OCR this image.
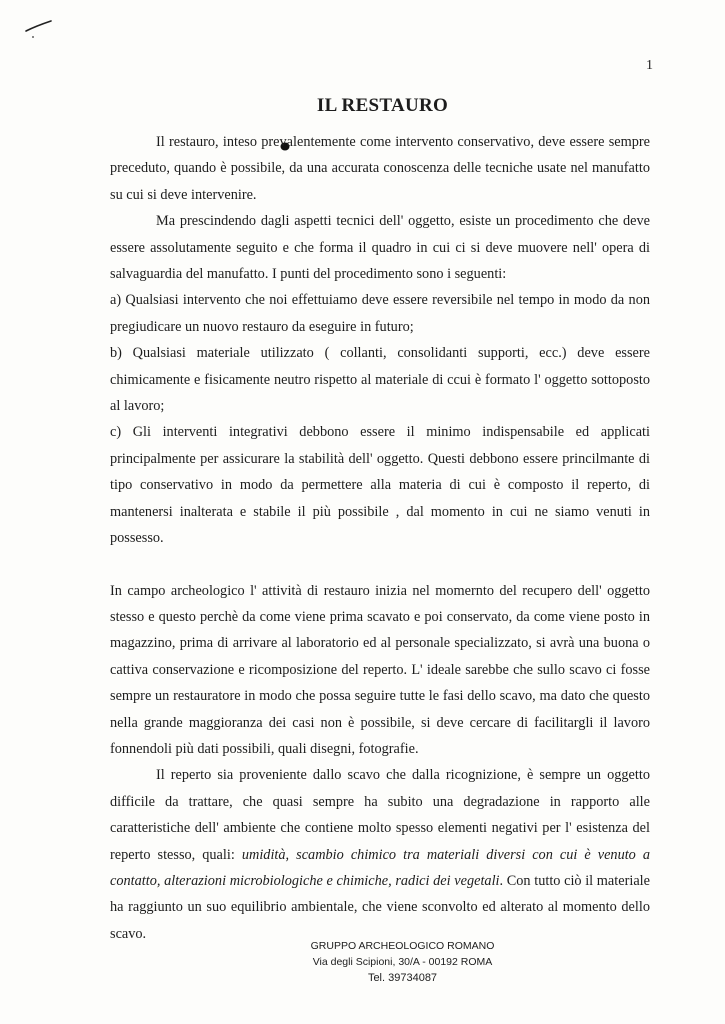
1
IL RESTAURO

Il restauro, inteso prevalentemente come intervento conservativo, deve essere sempre preceduto, quando è possibile, da una accurata conoscenza delle tecniche usate nel manufatto su cui si deve intervenire.

Ma prescindendo dagli aspetti tecnici dell' oggetto, esiste un procedimento che deve essere assolutamente seguito e che forma il quadro in cui ci si deve muovere nell' opera di salvaguardia del manufatto. I punti del procedimento sono i seguenti:

a) Qualsiasi intervento che noi effettuiamo deve essere reversibile nel tempo in modo da non pregiudicare un nuovo restauro da eseguire in futuro;

b) Qualsiasi materiale utilizzato ( collanti, consolidanti supporti, ecc.) deve essere chimicamente e fisicamente neutro rispetto al materiale di ccui è formato l' oggetto sottoposto al lavoro;

c) Gli interventi integrativi debbono essere il minimo indispensabile ed applicati principalmente per assicurare la stabilità dell' oggetto. Questi debbono essere princilmante di tipo conservativo in modo da permettere alla materia di cui è composto il reperto, di mantenersi inalterata e stabile il più possibile , dal momento in cui ne siamo venuti in possesso.

In campo archeologico l' attività di restauro inizia nel momernto del recupero dell' oggetto stesso e questo perchè da come viene prima scavato e poi conservato, da come viene posto in magazzino, prima di arrivare al laboratorio ed al personale specializzato, si avrà una buona o cattiva conservazione e ricomposizione del reperto. L' ideale sarebbe che sullo scavo ci fosse sempre un restauratore in modo che possa seguire tutte le fasi dello scavo, ma dato che questo nella grande maggioranza dei casi non è possibile, si deve cercare di facilitargli il lavoro fonnendoli più dati possibili, quali disegni, fotografie.

Il reperto sia proveniente dallo scavo che dalla ricognizione, è sempre un oggetto difficile da trattare, che quasi sempre ha subito una degradazione in rapporto alle caratteristiche dell' ambiente che contiene molto spesso elementi negativi per l' esistenza del reperto stesso, quali: umidità, scambio chimico tra materiali diversi con cui è venuto a contatto, alterazioni microbiologiche e chimiche, radici dei vegetali. Con tutto ciò il materiale ha raggiunto un suo equilibrio ambientale, che viene sconvolto ed alterato al momento dello scavo.

GRUPPO ARCHEOLOGICO ROMANO
Via degli Scipioni, 30/A - 00192 ROMA
Tel. 39734087
